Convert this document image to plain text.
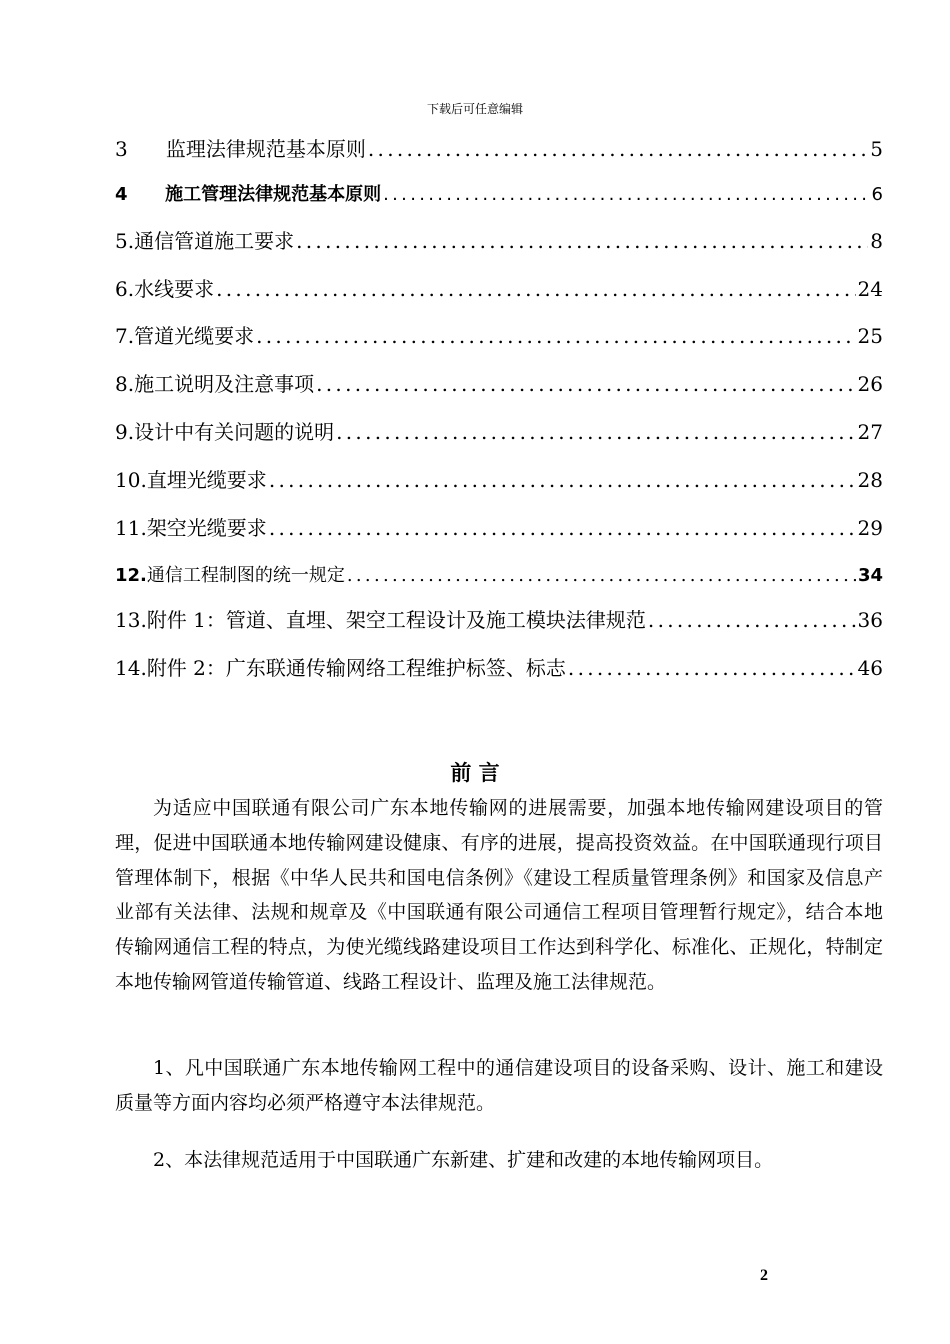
下载后可任意编辑
3 监理法律规范基本原则 .....	5
4 施工管理法律规范基本原则 .....	6
5. 通信管道施工要求 .....	8
6. 水线要求 .....	24
7. 管道光缆要求 .....	25
8. 施工说明及注意事项 .....	26
9. 设计中有关问题的说明 .....	27
10. 直埋光缆要求 .....	28
11. 架空光缆要求 .....	29
12. 通信工程制图的统一规定 .....	34
13. 附件 1：管道、直埋、架空工程设计及施工模块法律规范 .....	36
14. 附件 2：广东联通传输网络工程维护标签、标志 .....	46
前 言

为适应中国联通有限公司广东本地传输网的进展需要，加强本地传输网建设项目的管理，促进中国联通本地传输网建设健康、有序的进展，提高投资效益。在中国联通现行项目管理体制下，根据《中华人民共和国电信条例》《建设工程质量管理条例》和国家及信息产业部有关法律、法规和规章及《中国联通有限公司通信工程项目管理暂行规定》，结合本地传输网通信工程的特点，为使光缆线路建设项目工作达到科学化、标准化、正规化，特制定本地传输网管道传输管道、线路工程设计、监理及施工法律规范。

1、凡中国联通广东本地传输网工程中的通信建设项目的设备采购、设计、施工和建设质量等方面内容均必须严格遵守本法律规范。

2、本法律规范适用于中国联通广东新建、扩建和改建的本地传输网项目。

2
